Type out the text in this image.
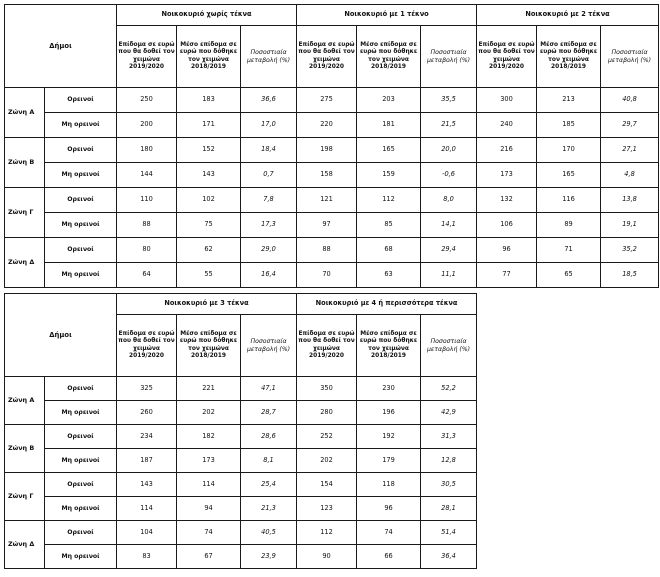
Δήμοι		Νοικοκυριό χωρίς τέκνα			Νοικοκυριό με 1 τέκνο			Νοικοκυριό με 2 τέκνα		
		Επίδομα σε ευρώ που θα δοθεί τον χειμώνα 2019/2020	Μέσο επίδομα σε ευρώ που δόθηκε τον χειμώνα 2018/2019	Ποσοστιαία μεταβολή (%)	Επίδομα σε ευρώ που θα δοθεί τον χειμώνα 2019/2020	Μέσο επίδομα σε ευρώ που δόθηκε τον χειμώνα 2018/2019	Ποσοστιαία μεταβολή (%)	Επίδομα σε ευρώ που θα δοθεί τον χειμώνα 2019/2020	Μέσο επίδομα σε ευρώ που δόθηκε τον χειμώνα 2018/2019	Ποσοστιαία μεταβολή (%)
Ζώνη Α	Ορεινοί	250	183	36,6	275	203	35,5	300	213	40,8
	Μη ορεινοί	200	171	17,0	220	181	21,5	240	185	29,7
Ζώνη Β	Ορεινοί	180	152	18,4	198	165	20,0	216	170	27,1
	Μη ορεινοί	144	143	0,7	158	159	-0,6	173	165	4,8
Ζώνη Γ	Ορεινοί	110	102	7,8	121	112	8,0	132	116	13,8
	Μη ορεινοί	88	75	17,3	97	85	14,1	106	89	19,1
Ζώνη Δ	Ορεινοί	80	62	29,0	88	68	29,4	96	71	35,2
	Μη ορεινοί	64	55	16,4	70	63	11,1	77	65	18,5
Δήμοι		Νοικοκυριό με 3 τέκνα			Νοικοκυριό με 4 ή περισσότερα τέκνα		
		Επίδομα σε ευρώ που θα δοθεί τον χειμώνα 2019/2020	Μέσο επίδομα σε ευρώ που δόθηκε τον χειμώνα 2018/2019	Ποσοστιαία μεταβολή (%)	Επίδομα σε ευρώ που θα δοθεί τον χειμώνα 2019/2020	Μέσο επίδομα σε ευρώ που δόθηκε τον χειμώνα 2018/2019	Ποσοστιαία μεταβολή (%)
Ζώνη Α	Ορεινοί	325	221	47,1	350	230	52,2
	Μη ορεινοί	260	202	28,7	280	196	42,9
Ζώνη Β	Ορεινοί	234	182	28,6	252	192	31,3
	Μη ορεινοί	187	173	8,1	202	179	12,8
Ζώνη Γ	Ορεινοί	143	114	25,4	154	118	30,5
	Μη ορεινοί	114	94	21,3	123	96	28,1
Ζώνη Δ	Ορεινοί	104	74	40,5	112	74	51,4
	Μη ορεινοί	83	67	23,9	90	66	36,4
